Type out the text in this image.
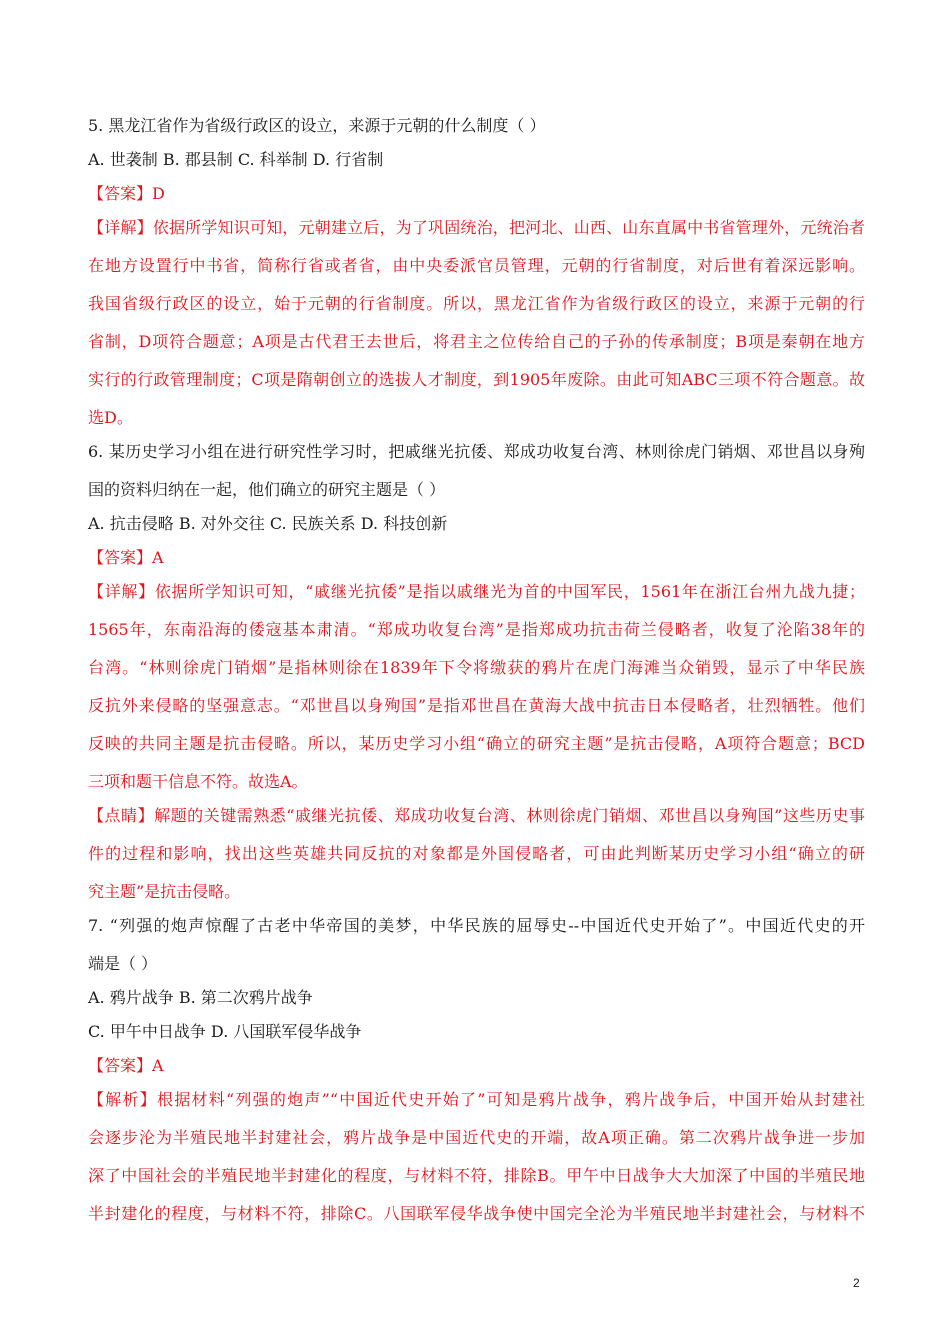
5. 黑龙江省作为省级行政区的设立，来源于元朝的什么制度（ ）
A. 世袭制 B. 郡县制 C. 科举制 D. 行省制
【答案】D
【详解】依据所学知识可知，元朝建立后，为了巩固统治，把河北、山西、山东直属中书省管理外，元统治者
在地方设置行中书省，简称行省或者省，由中央委派官员管理，元朝的行省制度，对后世有着深远影响。
我国省级行政区的设立，始于元朝的行省制度。所以，黑龙江省作为省级行政区的设立，来源于元朝的行
省制，D项符合题意；A项是古代君王去世后，将君主之位传给自己的子孙的传承制度；B项是秦朝在地方
实行的行政管理制度；C项是隋朝创立的选拔人才制度，到1905年废除。由此可知ABC三项不符合题意。故
选D。
6. 某历史学习小组在进行研究性学习时，把戚继光抗倭、郑成功收复台湾、林则徐虎门销烟、邓世昌以身殉
国的资料归纳在一起，他们确立的研究主题是（ ）
A. 抗击侵略 B. 对外交往 C. 民族关系 D. 科技创新
【答案】A
【详解】依据所学知识可知，“戚继光抗倭”是指以戚继光为首的中国军民，1561年在浙江台州九战九捷；
1565年，东南沿海的倭寇基本肃清。“郑成功收复台湾”是指郑成功抗击荷兰侵略者，收复了沦陷38年的
台湾。“林则徐虎门销烟”是指林则徐在1839年下令将缴获的鸦片在虎门海滩当众销毁，显示了中华民族
反抗外来侵略的坚强意志。“邓世昌以身殉国”是指邓世昌在黄海大战中抗击日本侵略者，壮烈牺牲。他们
反映的共同主题是抗击侵略。所以，某历史学习小组“确立的研究主题”是抗击侵略，A项符合题意；BCD
三项和题干信息不符。故选A。
【点睛】解题的关键需熟悉“戚继光抗倭、郑成功收复台湾、林则徐虎门销烟、邓世昌以身殉国”这些历史事
件的过程和影响，找出这些英雄共同反抗的对象都是外国侵略者，可由此判断某历史学习小组“确立的研
究主题”是抗击侵略。
7. “列强的炮声惊醒了古老中华帝国的美梦，中华民族的屈辱史--中国近代史开始了”。中国近代史的开
端是（ ）
A. 鸦片战争 B. 第二次鸦片战争
C. 甲午中日战争 D. 八国联军侵华战争
【答案】A
【解析】根据材料“列强的炮声”“中国近代史开始了”可知是鸦片战争，鸦片战争后，中国开始从封建社
会逐步沦为半殖民地半封建社会，鸦片战争是中国近代史的开端，故A项正确。第二次鸦片战争进一步加
深了中国社会的半殖民地半封建化的程度，与材料不符，排除B。甲午中日战争大大加深了中国的半殖民地
半封建化的程度，与材料不符，排除C。八国联军侵华战争使中国完全沦为半殖民地半封建社会，与材料不
2
